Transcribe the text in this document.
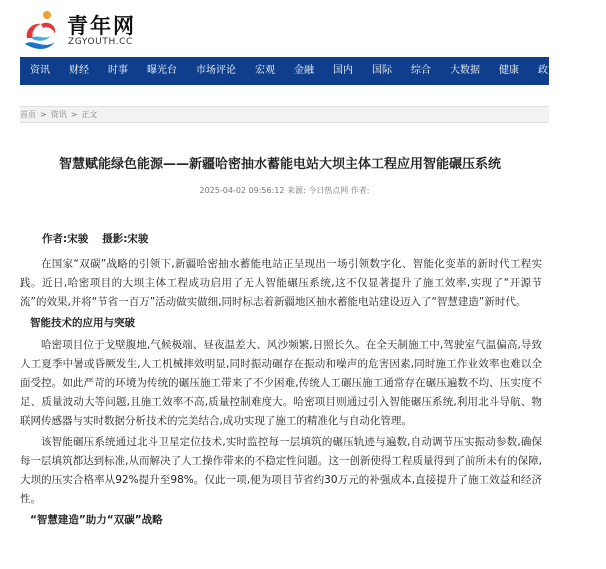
青年网
ZGYOUTH.CC
资讯	财经	时事	曝光台	市场评论	宏观	金融	国内	国际	综合	大数据	健康	政策	行业
首页 > 资讯 > 正文
智慧赋能绿色能源——新疆哈密抽水蓄能电站大坝主体工程应用智能碾压系统
2025-04-02 09:56:12 来源: 今日热点网 作者:
作者:宋骏 摄影:宋骏

在国家“双碳”战略的引领下,新疆哈密抽水蓄能电站正呈现出一场引领数字化、智能化变革的新时代工程实践。近日,哈密项目的大坝主体工程成功启用了无人智能碾压系统,这不仅显著提升了施工效率,实现了“开源节流”的效果,并将“节省一百万”活动做实做细,同时标志着新疆地区抽水蓄能电站建设迈入了“智慧建造”新时代。

智能技术的应用与突破

哈密项目位于戈壁腹地,气候极端、昼夜温差大、风沙频繁,日照长久。在全天制施工中,驾驶室气温偏高,导致人工夏季中暑或昏厥发生,人工机械摔效明显,同时振动碾存在振动和噪声的危害因素,同时施工作业效率也难以全面受控。如此严苛的环境为传统的碾压施工带来了不少困难,传统人工碾压施工通常存在碾压遍数不均、压实度不足、质量波动大等问题,且施工效率不高,质量控制难度大。哈密项目则通过引入智能碾压系统,利用北斗导航、物联网传感器与实时数据分析技术的完美结合,成功实现了施工的精准化与自动化管理。

该智能碾压系统通过北斗卫星定位技术,实时监控每一层填筑的碾压轨迹与遍数,自动调节压实振动参数,确保每一层填筑都达到标准,从而解决了人工操作带来的不稳定性问题。这一创新使得工程质量得到了前所未有的保障,大坝的压实合格率从92%提升至98%。仅此一项,便为项目节省约30万元的补强成本,直接提升了施工效益和经济性。

“智慧建造”助力“双碳”战略
